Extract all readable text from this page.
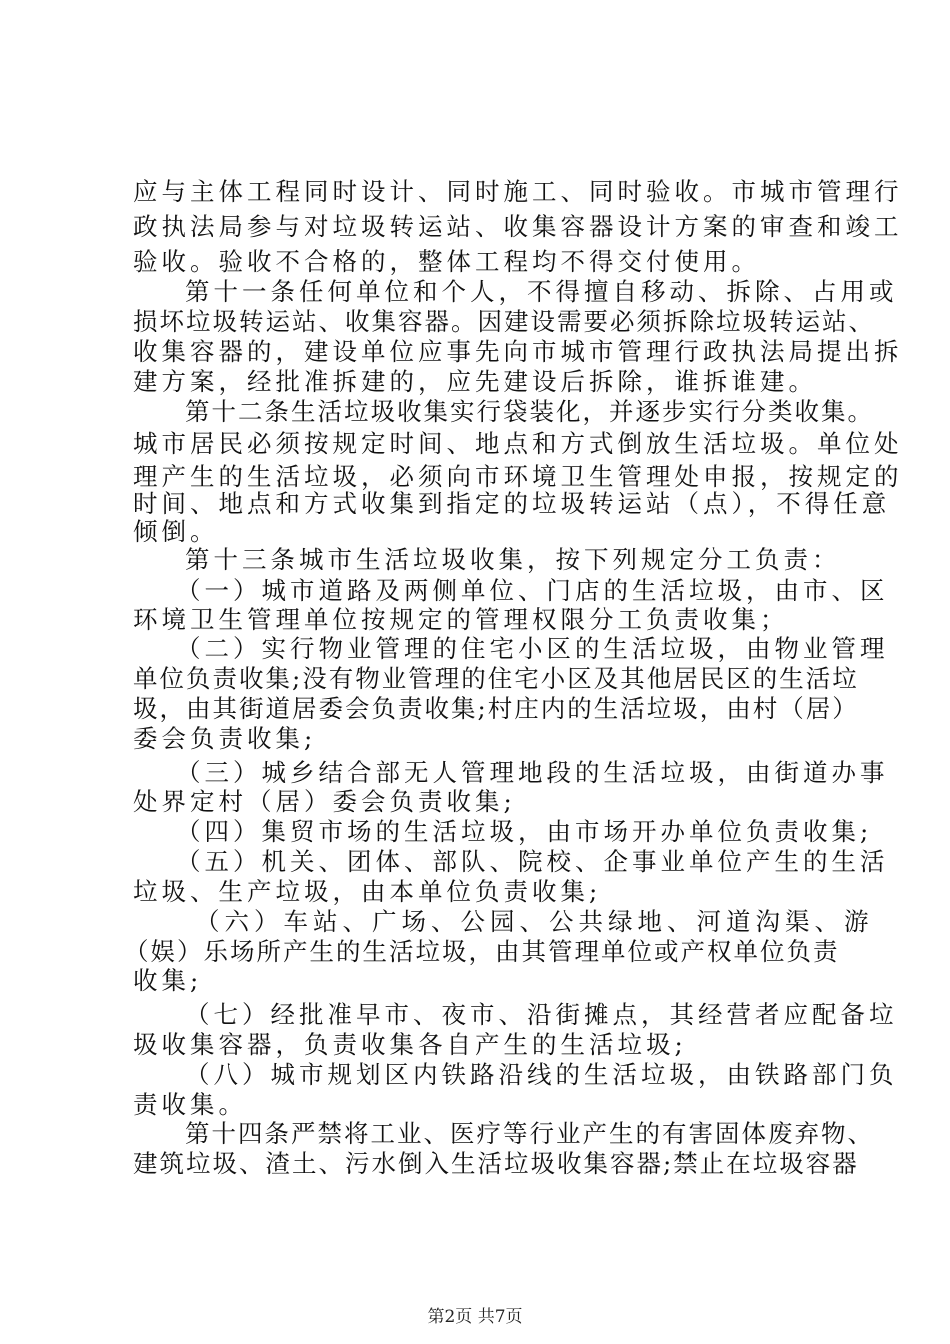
应与主体工程同时设计、同时施工、同时验收。市城市管理行
政执法局参与对垃圾转运站、收集容器设计方案的审查和竣工
验收。验收不合格的，整体工程均不得交付使用。
第十一条任何单位和个人，不得擅自移动、拆除、占用或
损坏垃圾转运站、收集容器。因建设需要必须拆除垃圾转运站、
收集容器的，建设单位应事先向市城市管理行政执法局提出拆
建方案，经批准拆建的，应先建设后拆除，谁拆谁建。
第十二条生活垃圾收集实行袋装化，并逐步实行分类收集。
城市居民必须按规定时间、地点和方式倒放生活垃圾。单位处
理产生的生活垃圾，必须向市环境卫生管理处申报，按规定的
时间、地点和方式收集到指定的垃圾转运站（点），不得任意
倾倒。
第十三条城市生活垃圾收集，按下列规定分工负责：
（一）城市道路及两侧单位、门店的生活垃圾，由市、区
环境卫生管理单位按规定的管理权限分工负责收集；
（二）实行物业管理的住宅小区的生活垃圾，由物业管理
单位负责收集;没有物业管理的住宅小区及其他居民区的生活垃
圾，由其街道居委会负责收集;村庄内的生活垃圾，由村（居）
委会负责收集;
（三）城乡结合部无人管理地段的生活垃圾，由街道办事
处界定村（居）委会负责收集;
（四）集贸市场的生活垃圾，由市场开办单位负责收集;
（五）机关、团体、部队、院校、企事业单位产生的生活
垃圾、生产垃圾，由本单位负责收集;
（六）车站、广场、公园、公共绿地、河道沟渠、游
（娱）乐场所产生的生活垃圾，由其管理单位或产权单位负责
收集;
（七）经批准早市、夜市、沿街摊点，其经营者应配备垃
圾收集容器，负责收集各自产生的生活垃圾;
（八）城市规划区内铁路沿线的生活垃圾，由铁路部门负
责收集。
第十四条严禁将工业、医疗等行业产生的有害固体废弃物、
建筑垃圾、渣土、污水倒入生活垃圾收集容器;禁止在垃圾容器
第2页 共7页
